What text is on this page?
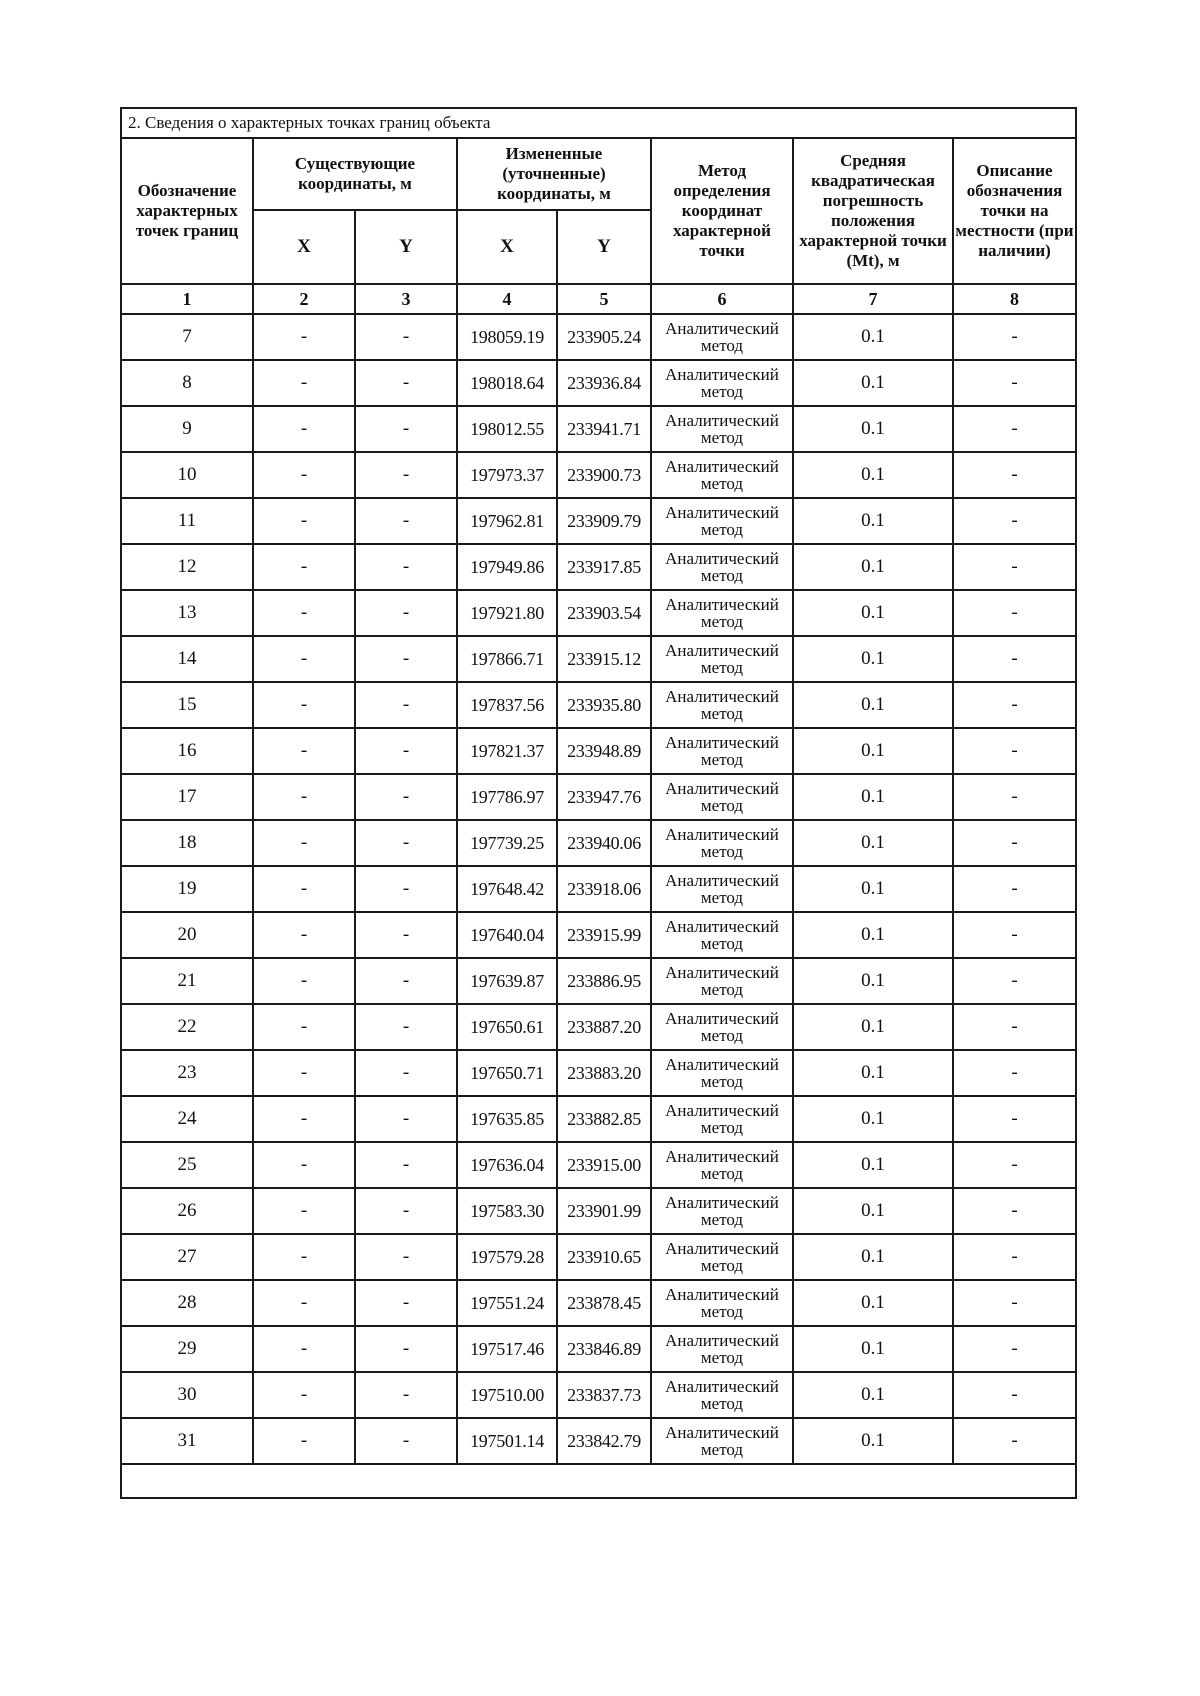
2. Сведения о характерных точках границ объекта							
Обозначение характерных точек границ	Существующие координаты, м		Измененные (уточненные) координаты, м		Метод определения координат характерной точки	Средняя квадратическая погрешность положения характерной точки (Mt), м	Описание обозначения точки на местности (при наличии)
	X	Y	X	Y			
1	2	3	4	5	6	7	8
7	-	-	198059.19	233905.24	Аналитический метод	0.1	-
8	-	-	198018.64	233936.84	Аналитический метод	0.1	-
9	-	-	198012.55	233941.71	Аналитический метод	0.1	-
10	-	-	197973.37	233900.73	Аналитический метод	0.1	-
11	-	-	197962.81	233909.79	Аналитический метод	0.1	-
12	-	-	197949.86	233917.85	Аналитический метод	0.1	-
13	-	-	197921.80	233903.54	Аналитический метод	0.1	-
14	-	-	197866.71	233915.12	Аналитический метод	0.1	-
15	-	-	197837.56	233935.80	Аналитический метод	0.1	-
16	-	-	197821.37	233948.89	Аналитический метод	0.1	-
17	-	-	197786.97	233947.76	Аналитический метод	0.1	-
18	-	-	197739.25	233940.06	Аналитический метод	0.1	-
19	-	-	197648.42	233918.06	Аналитический метод	0.1	-
20	-	-	197640.04	233915.99	Аналитический метод	0.1	-
21	-	-	197639.87	233886.95	Аналитический метод	0.1	-
22	-	-	197650.61	233887.20	Аналитический метод	0.1	-
23	-	-	197650.71	233883.20	Аналитический метод	0.1	-
24	-	-	197635.85	233882.85	Аналитический метод	0.1	-
25	-	-	197636.04	233915.00	Аналитический метод	0.1	-
26	-	-	197583.30	233901.99	Аналитический метод	0.1	-
27	-	-	197579.28	233910.65	Аналитический метод	0.1	-
28	-	-	197551.24	233878.45	Аналитический метод	0.1	-
29	-	-	197517.46	233846.89	Аналитический метод	0.1	-
30	-	-	197510.00	233837.73	Аналитический метод	0.1	-
31	-	-	197501.14	233842.79	Аналитический метод	0.1	-
